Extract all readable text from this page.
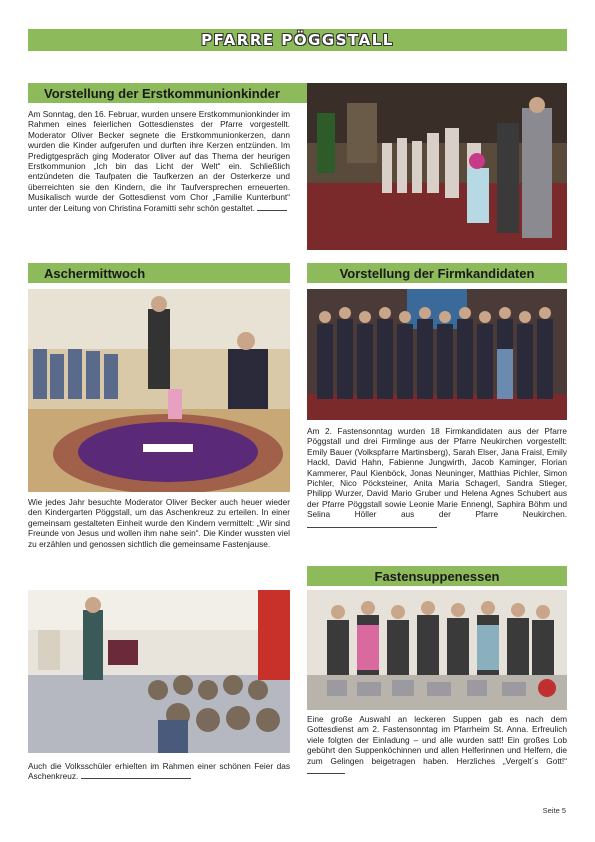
PFARRE PÖGGSTALL
Vorstellung der Erstkommunionkinder
Am Sonntag, den 16. Februar, wurden unsere Erstkommunionkinder im Rahmen eines feierlichen Gottesdienstes der Pfarre vorgestellt. Moderator Oliver Becker segnete die Erstkommunionkerzen, dann wurden die Kinder aufgerufen und durften ihre Kerzen entzünden. Im Predigtgespräch ging Moderator Oliver auf das Thema der heurigen Erstkommunion „Ich bin das Licht der Welt“ ein. Schließlich entzündeten die Taufpaten die Taufkerzen an der Osterkerze und überreichten sie den Kindern, die ihr Taufversprechen erneuerten. Musikalisch wurde der Gottesdienst vom Chor „Familie Kunterbunt“ unter der Leitung von Christina Foramitti sehr schön gestaltet.
Aschermittwoch
Wie jedes Jahr besuchte Moderator Oliver Becker auch heuer wieder den Kindergarten Pöggstall, um das Aschenkreuz zu erteilen. In einer gemeinsam gestalteten Einheit wurde den Kindern vermittelt: „Wir sind Freunde von Jesus und wollen ihm nahe sein“. Die Kinder wussten viel zu erzählen und genossen sichtlich die gemeinsame Fastenjause.
Auch die Volksschüler erhielten im Rahmen einer schönen Feier das Aschenkreuz.
Vorstellung der Firmkandidaten
Am 2. Fastensonntag wurden 18 Firmkandidaten aus der Pfarre Pöggstall und drei Firmlinge aus der Pfarre Neukirchen vorgestellt: Emily Bauer (Volkspfarre Martinsberg), Sarah Elser, Jana Fraisl, Emily Hackl, David Hahn, Fabienne Jungwirth, Jacob Kaminger, Florian Kammerer, Paul Kienböck, Jonas Neuninger, Matthias Pichler, Simon Pichler, Nico Pöcksteiner, Anita Maria Schagerl, Sandra Stieger, Philipp Wurzer, David Mario Gruber und Helena Agnes Schubert aus der Pfarre Pöggstall sowie Leonie Marie Ennengl, Saphira Böhm und Selina Höller aus der Pfarre Neukirchen.
Fastensuppenessen
Eine große Auswahl an leckeren Suppen gab es nach dem Gottesdienst am 2. Fastensonntag im Pfarrheim St. Anna. Erfreulich viele folgten der Einladung – und alle wurden satt! Ein großes Lob gebührt den Suppenköchinnen und allen Helferinnen und Helfern, die zum Gelingen beigetragen haben. Herzliches „Vergelt´s Gott!“
Seite 5
